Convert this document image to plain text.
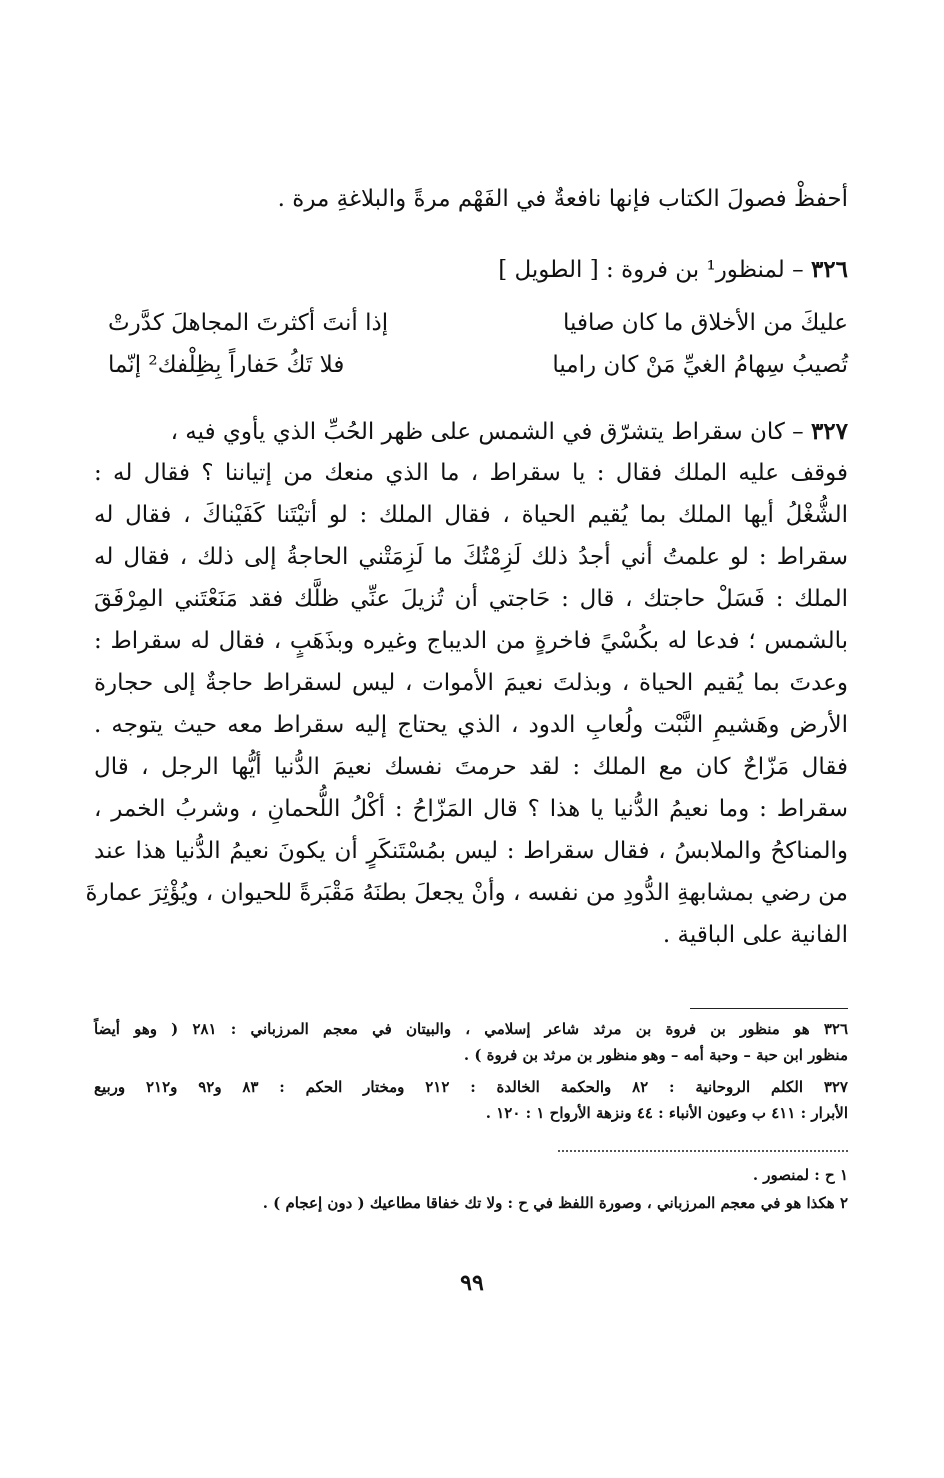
أحفظْ فصولَ الكتاب فإنها نافعةٌ في الفَهْم مرةً والبلاغةِ مرة .
٣٢٦ – لمنظور¹ بن فروة : [ الطويل ]
إذا أنتَ أكثرتَ المجاهلَ كدَّرتْ	عليكَ من الأخلاق ما كان صافيا
فلا تَكُ حَفاراً بِظِلْفك² إنّما	تُصيبُ سِهامُ الغيِّ مَنْ كان راميا
٣٢٧ – كان سقراط يتشرّق في الشمس على ظهر الحُبِّ الذي يأوي فيه ،
فوقف عليه الملك فقال : يا سقراط ، ما الذي منعك من إتياننا ؟ فقال له :
الشُّغْلُ أيها الملك بما يُقيم الحياة ، فقال الملك : لو أتيْتَنا كَفَيْناكَ ، فقال له
سقراط : لو علمتُ أني أجدُ ذلك لَزِمْتُكَ ما لَزِمَتْني الحاجةُ إلى ذلك ، فقال له
الملك : فَسَلْ حاجتك ، قال : حَاجتي أن تُزيلَ عنِّي ظلَّك فقد مَنَعْتَني المِرْفَقَ
بالشمس ؛ فدعا له بكُسْيً فاخرةٍ من الديباج وغيره وبذَهَبٍ ، فقال له سقراط :
وعدتَ بما يُقيم الحياة ، وبذلتَ نعيمَ الأموات ، ليس لسقراط حاجةٌ إلى حجارة
الأرض وهَشيمِ النَّبْت ولُعابِ الدود ، الذي يحتاج إليه سقراط معه حيث يتوجه .
فقال مَزّاحٌ كان مع الملك : لقد حرمتَ نفسك نعيمَ الدُّنيا أيُّها الرجل ، قال
سقراط : وما نعيمُ الدُّنيا يا هذا ؟ قال المَزّاحُ : أكْلُ اللُّحمانِ ، وشربُ الخمر ،
والمناكحُ والملابسُ ، فقال سقراط : ليس بمُسْتَنكَرٍ أن يكونَ نعيمُ الدُّنيا هذا عند
من رضي بمشابهةِ الدُّودِ من نفسه ، وأنْ يجعلَ بطنَهُ مَقْبَرةً للحيوان ، ويُؤْثِرَ عمارةَ
الفانية على الباقية .
٣٢٦ هو منظور بن فروة بن مرثد شاعر إسلامي ، والبيتان في معجم المرزباني : ٢٨١ ( وهو أيضاً
منظور ابن حبة – وحبة أمه – وهو منظور بن مرثد بن فروة ) .
٣٢٧ الكلم الروحانية : ٨٢ والحكمة الخالدة : ٢١٢ ومختار الحكم : ٨٣ و٩٢ و٢١٢ وربيع
الأبرار : ٤١١ ب وعيون الأنباء : ٤٤ ونزهة الأرواح ١ : ١٢٠ .
١ ح : لمنصور .
٢ هكذا هو في معجم المرزباني ، وصورة اللفظ في ح : ولا تك خفاقا مطاعيك ( دون إعجام ) .
٩٩
